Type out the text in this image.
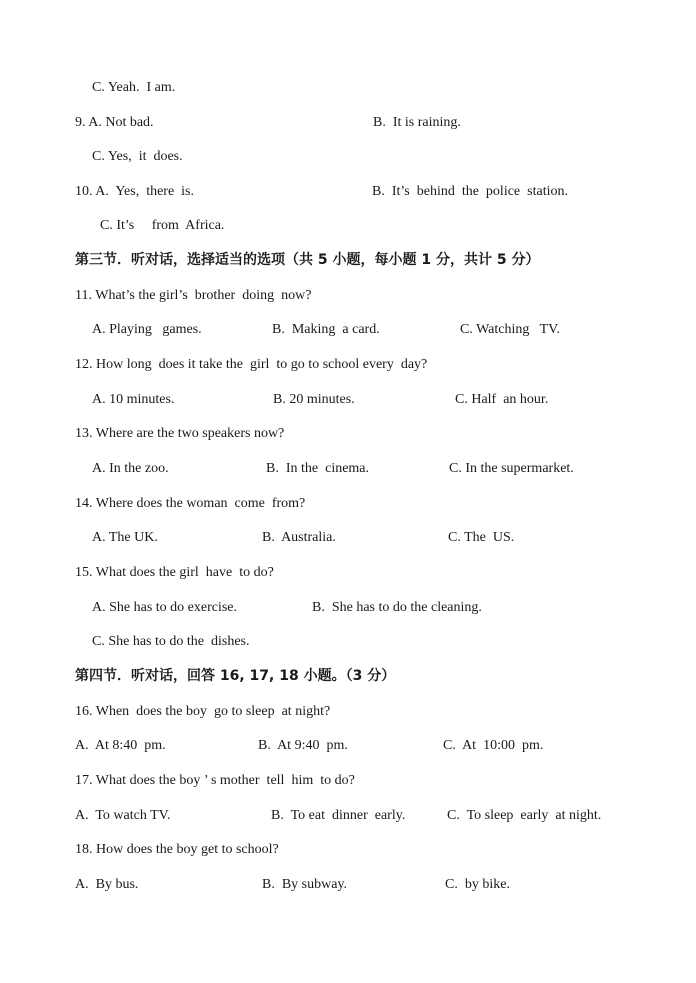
C. Yeah.  I am.
9. A. Not bad.	B.  It is raining.
C. Yes,  it  does.
10. A.  Yes,  there  is.	B.  It’s  behind  the  police  station.
C. It’s     from  Africa.
第三节．听对话，选择适当的选项（共 5 小题，每小题 1 分，共计 5 分）
11. What’s the girl’s  brother  doing  now?
A. Playing   games.	B.  Making  a card.	C. Watching   TV.
12. How long  does it take the  girl  to go to school every  day?
A. 10 minutes.	B. 20 minutes.	C. Half  an hour.
13. Where are the two speakers now?
A. In the zoo.	B.  In the  cinema.	C. In the supermarket.
14. Where does the woman  come  from?
A. The UK.	B.  Australia.	C. The  US.
15. What does the girl  have  to do?
A. She has to do exercise.	B.  She has to do the cleaning.
C. She has to do the  dishes.
第四节．听对话，回答 16, 17, 18 小题。（3 分）
16. When  does the boy  go to sleep  at night?
A.  At 8:40  pm.	B.  At 9:40  pm.	C.  At  10:00  pm.
17. What does the boy ’ s mother  tell  him  to do?
A.  To watch TV.	B.  To eat  dinner  early.	C.  To sleep  early  at night.
18. How does the boy get to school?
A.  By bus.	B.  By subway.	C.  by bike.
